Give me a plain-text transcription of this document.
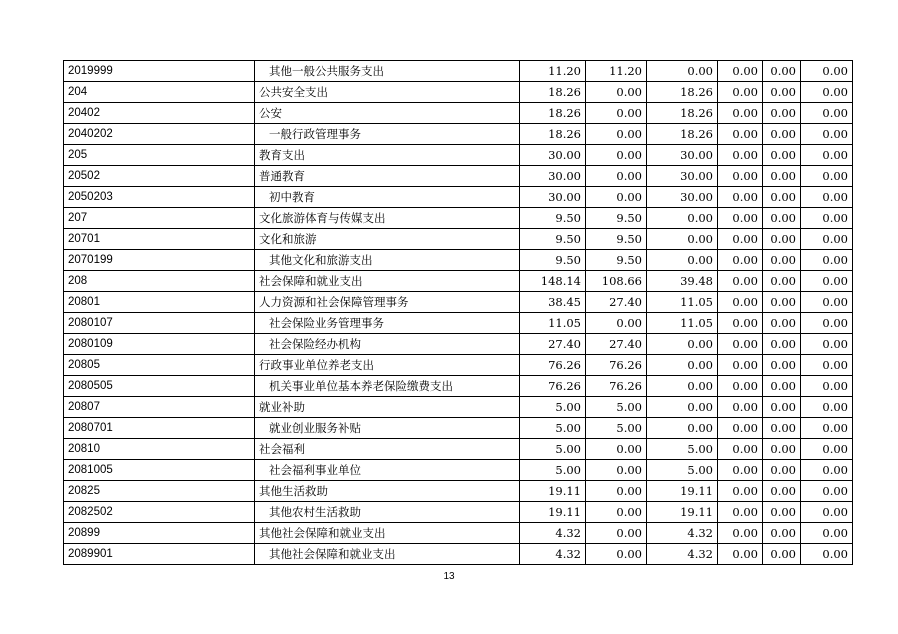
2019999	其他一般公共服务支出	11.20	11.20	0.00	0.00	0.00	0.00
204	公共安全支出	18.26	0.00	18.26	0.00	0.00	0.00
20402	公安	18.26	0.00	18.26	0.00	0.00	0.00
2040202	一般行政管理事务	18.26	0.00	18.26	0.00	0.00	0.00
205	教育支出	30.00	0.00	30.00	0.00	0.00	0.00
20502	普通教育	30.00	0.00	30.00	0.00	0.00	0.00
2050203	初中教育	30.00	0.00	30.00	0.00	0.00	0.00
207	文化旅游体育与传媒支出	9.50	9.50	0.00	0.00	0.00	0.00
20701	文化和旅游	9.50	9.50	0.00	0.00	0.00	0.00
2070199	其他文化和旅游支出	9.50	9.50	0.00	0.00	0.00	0.00
208	社会保障和就业支出	148.14	108.66	39.48	0.00	0.00	0.00
20801	人力资源和社会保障管理事务	38.45	27.40	11.05	0.00	0.00	0.00
2080107	社会保险业务管理事务	11.05	0.00	11.05	0.00	0.00	0.00
2080109	社会保险经办机构	27.40	27.40	0.00	0.00	0.00	0.00
20805	行政事业单位养老支出	76.26	76.26	0.00	0.00	0.00	0.00
2080505	机关事业单位基本养老保险缴费支出	76.26	76.26	0.00	0.00	0.00	0.00
20807	就业补助	5.00	5.00	0.00	0.00	0.00	0.00
2080701	就业创业服务补贴	5.00	5.00	0.00	0.00	0.00	0.00
20810	社会福利	5.00	0.00	5.00	0.00	0.00	0.00
2081005	社会福利事业单位	5.00	0.00	5.00	0.00	0.00	0.00
20825	其他生活救助	19.11	0.00	19.11	0.00	0.00	0.00
2082502	其他农村生活救助	19.11	0.00	19.11	0.00	0.00	0.00
20899	其他社会保障和就业支出	4.32	0.00	4.32	0.00	0.00	0.00
2089901	其他社会保障和就业支出	4.32	0.00	4.32	0.00	0.00	0.00
13
